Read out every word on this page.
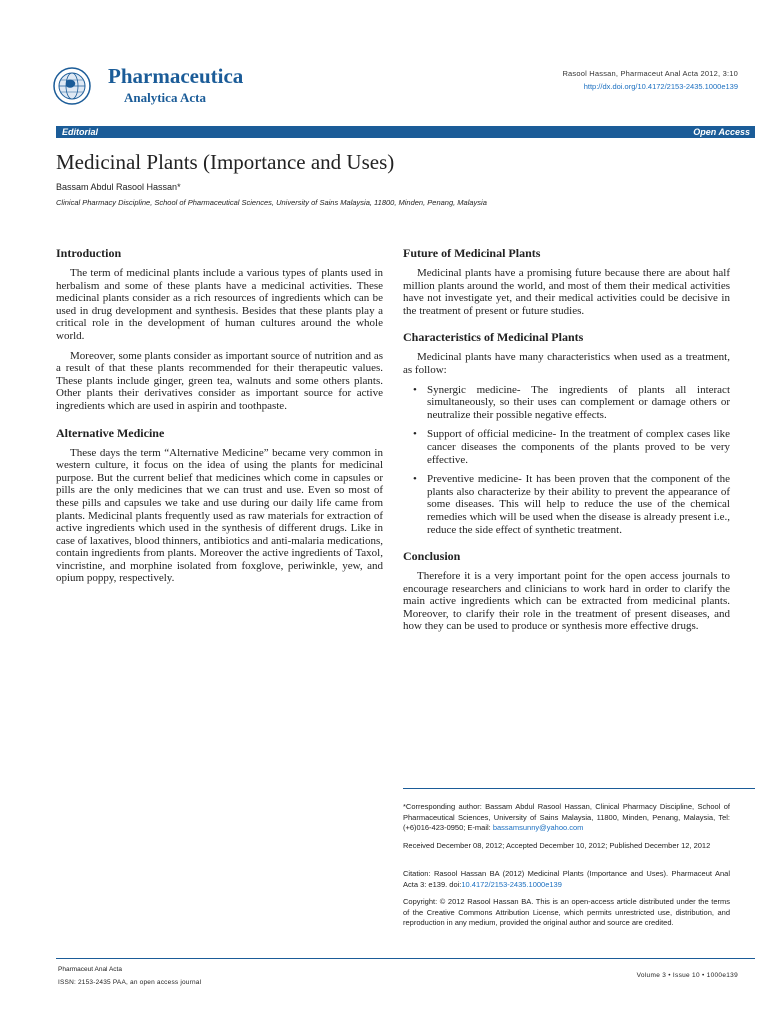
Pharmaceutica
Analytica Acta
Rasool Hassan, Pharmaceut Anal Acta 2012, 3:10
http://dx.doi.org/10.4172/2153-2435.1000e139
Editorial	Open Access
Medicinal Plants (Importance and Uses)
Bassam Abdul Rasool Hassan*
Clinical Pharmacy Discipline, School of Pharmaceutical Sciences, University of Sains Malaysia, 11800, Minden, Penang, Malaysia
Introduction

The term of medicinal plants include a various types of plants used in herbalism and some of these plants have a medicinal activities. These medicinal plants consider as a rich resources of ingredients which can be used in drug development and synthesis. Besides that these plants play a critical role in the development of human cultures around the whole world.

Moreover, some plants consider as important source of nutrition and as a result of that these plants recommended for their therapeutic values. These plants include ginger, green tea, walnuts and some others plants. Other plants their derivatives consider as important source for active ingredients which are used in aspirin and toothpaste.

Alternative Medicine

These days the term “Alternative Medicine” became very common in western culture, it focus on the idea of using the plants for medicinal purpose. But the current belief that medicines which come in capsules or pills are the only medicines that we can trust and use. Even so most of these pills and capsules we take and use during our daily life came from plants. Medicinal plants frequently used as raw materials for extraction of active ingredients which used in the synthesis of different drugs. Like in case of laxatives, blood thinners, antibiotics and anti-malaria medications, contain ingredients from plants. Moreover the active ingredients of Taxol, vincristine, and morphine isolated from foxglove, periwinkle, yew, and opium poppy, respectively.

Future of Medicinal Plants

Medicinal plants have a promising future because there are about half million plants around the world, and most of them their medical activities have not investigate yet, and their medical activities could be decisive in the treatment of present or future studies.

Characteristics of Medicinal Plants

Medicinal plants have many characteristics when used as a treatment, as follow:

• Synergic medicine- The ingredients of plants all interact simultaneously, so their uses can complement or damage others or neutralize their possible negative effects.
• Support of official medicine- In the treatment of complex cases like cancer diseases the components of the plants proved to be very effective.
• Preventive medicine- It has been proven that the component of the plants also characterize by their ability to prevent the appearance of some diseases. This will help to reduce the use of the chemical remedies which will be used when the disease is already present i.e., reduce the side effect of synthetic treatment.
Conclusion

Therefore it is a very important point for the open access journals to encourage researchers and clinicians to work hard in order to clarify the main active ingredients which can be extracted from medicinal plants. Moreover, to clarify their role in the treatment of present diseases, and how they can be used to produce or synthesis more effective drugs.

*Corresponding author: Bassam Abdul Rasool Hassan, Clinical Pharmacy Discipline, School of Pharmaceutical Sciences, University of Sains Malaysia, 11800, Minden, Penang, Malaysia, Tel: (+6)016-423-0950; E-mail: bassamsunny@yahoo.com
Received December 08, 2012; Accepted December 10, 2012; Published December 12, 2012
Citation: Rasool Hassan BA (2012) Medicinal Plants (Importance and Uses). Pharmaceut Anal Acta 3: e139. doi:10.4172/2153-2435.1000e139
Copyright: © 2012 Rasool Hassan BA. This is an open-access article distributed under the terms of the Creative Commons Attribution License, which permits unrestricted use, distribution, and reproduction in any medium, provided the original author and source are credited.
Pharmaceut Anal Acta
ISSN: 2153-2435 PAA, an open access journal
Volume 3 • Issue 10 • 1000e139
